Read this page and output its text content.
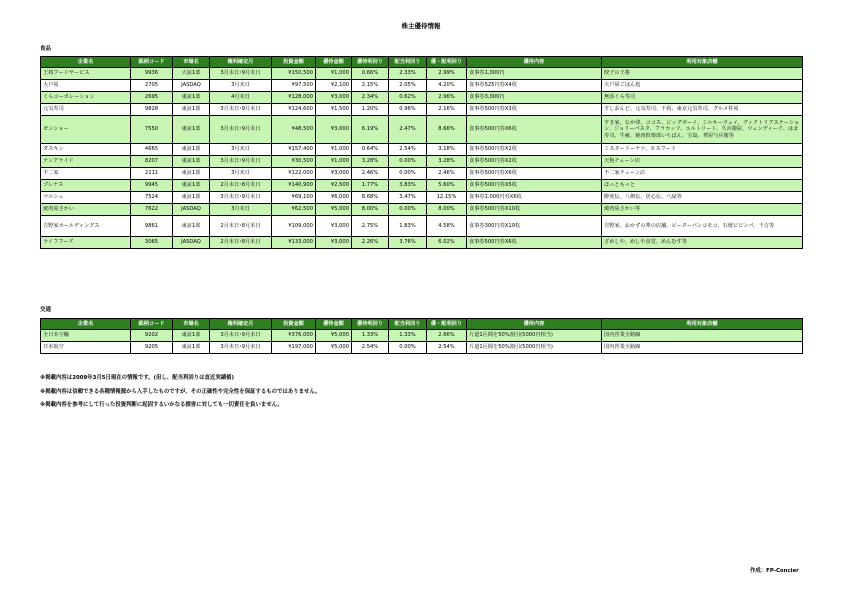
株主優待情報
食品
企業名	銘柄コード	市場名	権利確定月	投資金額	優待金額	優待利回り	配当利回り	優・配利回り	優待内容	利用対象店舗
王将フードサービス	9936	大証1部	3月末日･9月末日	¥150,500	¥1,000	0.66%	2.33%	2.99%	食事券1,000円	餃子の王将
大戸屋	2705	JASDAQ	3月末日	¥97,500	¥2,100	2.15%	2.05%	4.20%	食事券525円券X4枚	大戸屋ごはん処
くらコーポレーション	2695	東証1部	4月末日	¥128,000	¥3,000	2.34%	0.62%	2.96%	食事券3,000円	無添くら寿司
元気寿司	9828	東証1部	3月末日･9月末日	¥124,600	¥1,500	1.20%	0.96%	2.16%	食事券500円券X3枚	すしおんど、元気寿司、千両、東京元気寿司、グルメ杵屋
ゼンショー	7550	東証1部	3月末日･9月末日	¥48,500	¥3,000	6.19%	2.47%	8.66%	食事券500円券X6枚	すき家、なか卯、ココス、ビッグボーイ、ミルキーウェイ、ヴィクトリアステーション、ジョリーパスタ、フラカッソ、エルトリート、久兵衛屋、ウェンディーズ、はま寿司、牛庵、焼肉倶楽部いちばん、宝島、華屋与兵衛等
ダスキン	4665	東証1部	3月末日	¥157,400	¥1,000	0.64%	2.54%	3.18%	食事券500円券X2枚	ミスタードーナツ、モスフード
テンアライド	8207	東証1部	3月末日･9月末日	¥30,500	¥1,000	3.28%	0.00%	3.28%	食事券500円券X2枚	天狗チェーン店
不二家	2211	東証1部	3月末日	¥122,000	¥3,000	2.46%	0.00%	2.46%	食事券500円券X6枚	不二家チェーン店
プレナス	9945	東証1部	2月末日･8月末日	¥140,900	¥2,500	1.77%	3.83%	5.60%	食事券500円券X5枚	ほっともっと
マルシェ	7524	東証1部	3月末日･9月末日	¥69,100	¥6,000	8.68%	3.47%	12.15%	食事券1,000円券X6枚	酔虎伝、八剣伝、居心伝、八緑等
焼肉屋さかい	7622	JASDAQ	3月末日	¥62,500	¥5,000	8.00%	0.00%	8.00%	食事券500円券X10枚	焼肉屋さかい等
吉野家ホールディングス	9861	東証1部	2月末日･8月末日	¥109,000	¥3,000	2.75%	1.83%	4.58%	食事券300円券X10枚	吉野家、おかずの華の店舗、ピーターパンコモコ、石焼ビビンパ、千吉等
ライフフーズ	3065	JASDAQ	2月末日･8月末日	¥133,000	¥3,000	2.26%	3.76%	6.02%	食事券500円券X6枚	ざめしや、めしや食堂、めんむす等
交通
企業名	銘柄コード	市場名	権利確定月	投資金額	優待金額	優待利回り	配当利回り	優・配利回り	優待内容	利用対象店舗
全日本空輸	9202	東証1部	3月末日･9月末日	¥376,000	¥5,000	1.33%	1.33%	2.66%	片道1区間を50%割引(5000円相当)	国内営業全路線
日本航空	9205	東証1部	3月末日･9月末日	¥197,000	¥5,000	2.54%	0.00%	2.54%	片道1区間を50%割引(5000円相当)	国内営業全路線
※掲載内容は2009年3月5日現在の情報です。(但し、配当利回りは直近実績値)
※掲載内容は信頼できる各種情報源から入手したものですが、その正確性や完全性を保証するものではありません。
※掲載内容を参考にして行った投資判断に起因するいかなる損害に対しても一切責任を負いません。
作成：FP-Concier
